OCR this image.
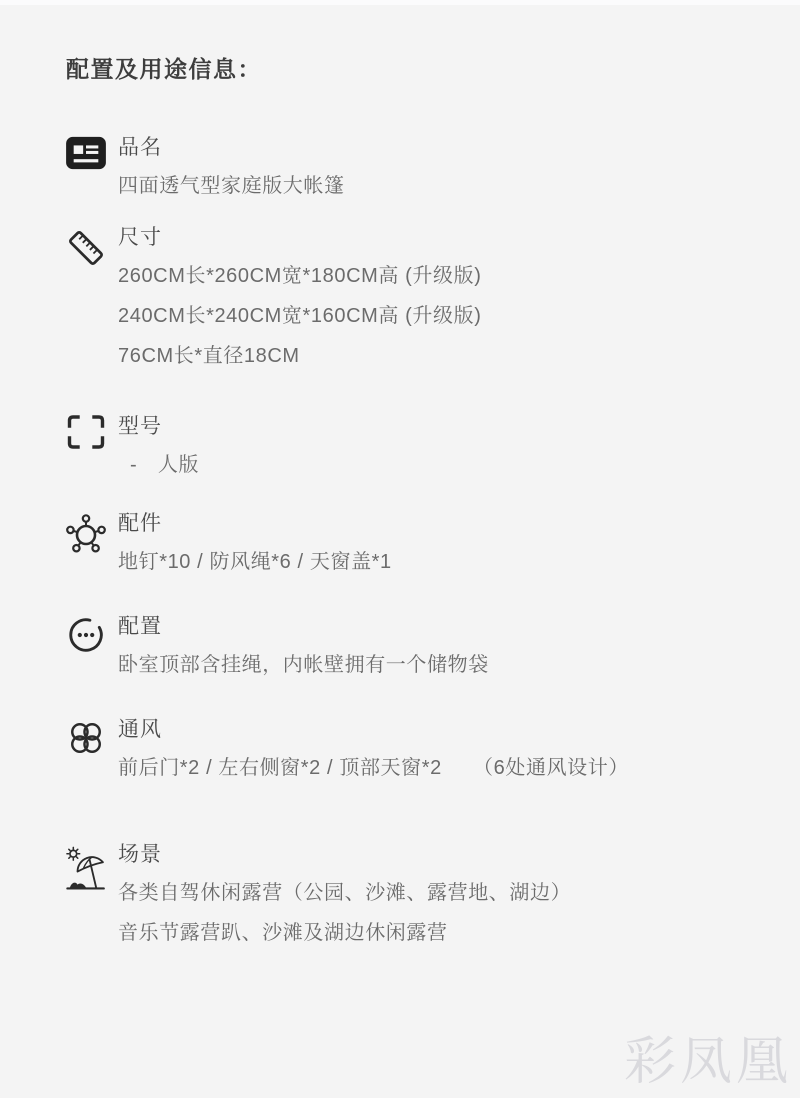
配置及用途信息：
品名
四面透气型家庭版大帐篷
尺寸
260CM长*260CM宽*180CM高 (升级版)
240CM长*240CM宽*160CM高 (升级版)
76CM长*直径18CM
型号
-　人版
配件
地钉*10 / 防风绳*6 / 天窗盖*1
配置
卧室顶部含挂绳，内帐壁拥有一个储物袋
通风
前后门*2 / 左右侧窗*2 / 顶部天窗*2　　（6处通风设计）
场景
各类自驾休闲露营（公园、沙滩、露营地、湖边）
音乐节露营趴、沙滩及湖边休闲露营
彩凤凰
